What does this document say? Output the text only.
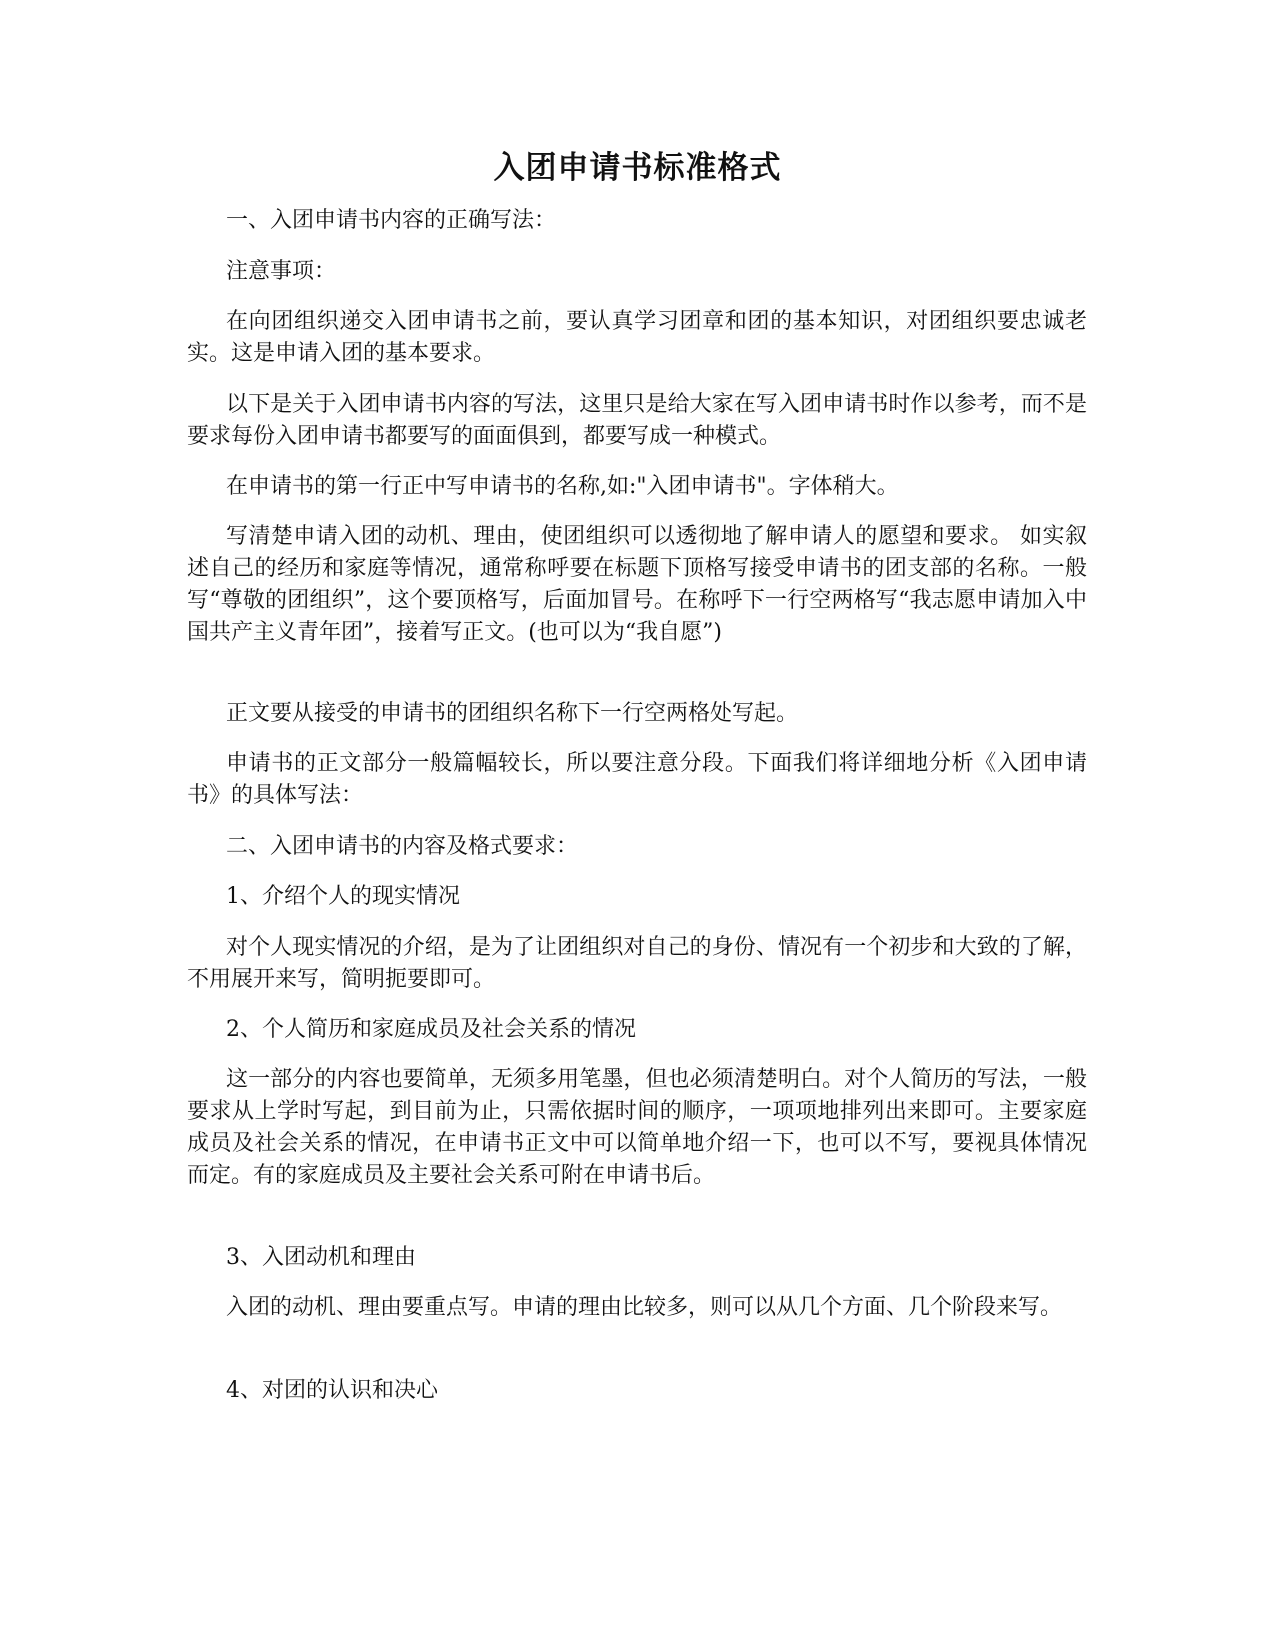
入团申请书标准格式

一、入团申请书内容的正确写法：

注意事项：

在向团组织递交入团申请书之前，要认真学习团章和团的基本知识，对团组织要忠诚老实。这是申请入团的基本要求。

以下是关于入团申请书内容的写法，这里只是给大家在写入团申请书时作以参考，而不是要求每份入团申请书都要写的面面俱到，都要写成一种模式。

在申请书的第一行正中写申请书的名称,如:"入团申请书"。字体稍大。

写清楚申请入团的动机、理由，使团组织可以透彻地了解申请人的愿望和要求。 如实叙述自己的经历和家庭等情况，通常称呼要在标题下顶格写接受申请书的团支部的名称。一般写“尊敬的团组织”，这个要顶格写，后面加冒号。在称呼下一行空两格写“我志愿申请加入中国共产主义青年团”，接着写正文。(也可以为“我自愿”)

正文要从接受的申请书的团组织名称下一行空两格处写起。

申请书的正文部分一般篇幅较长，所以要注意分段。下面我们将详细地分析《入团申请书》的具体写法：

二、入团申请书的内容及格式要求：

1、介绍个人的现实情况

对个人现实情况的介绍，是为了让团组织对自己的身份、情况有一个初步和大致的了解，不用展开来写，简明扼要即可。

2、个人简历和家庭成员及社会关系的情况

这一部分的内容也要简单，无须多用笔墨，但也必须清楚明白。对个人简历的写法，一般要求从上学时写起，到目前为止，只需依据时间的顺序，一项项地排列出来即可。主要家庭成员及社会关系的情况，在申请书正文中可以简单地介绍一下，也可以不写，要视具体情况而定。有的家庭成员及主要社会关系可附在申请书后。

3、入团动机和理由

入团的动机、理由要重点写。申请的理由比较多，则可以从几个方面、几个阶段来写。

4、对团的认识和决心
